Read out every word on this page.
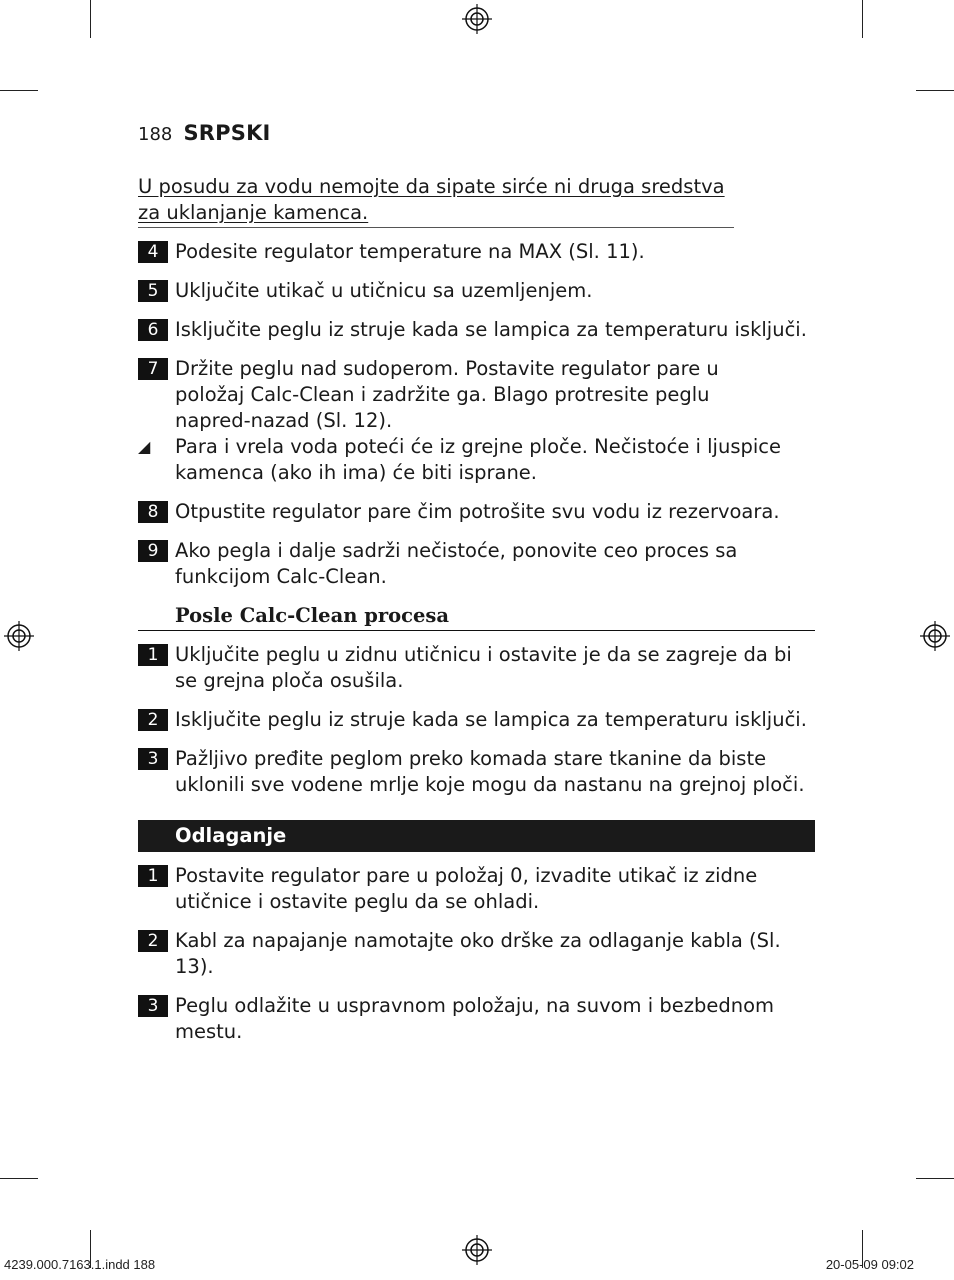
188 SRPSKI
U posudu za vodu nemojte da sipate sirće ni druga sredstva za uklanjanje kamenca.
4 Podesite regulator temperature na MAX (Sl. 11).
5 Uključite utikač u utičnicu sa uzemljenjem.
6 Isključite peglu iz struje kada se lampica za temperaturu isključi.
7 Držite peglu nad sudoperom. Postavite regulator pare u položaj Calc-Clean i zadržite ga. Blago protresite peglu napred-nazad (Sl. 12).
◢ Para i vrela voda poteći će iz grejne ploče. Nečistoće i ljuspice kamenca (ako ih ima) će biti isprane.
8 Otpustite regulator pare čim potrošite svu vodu iz rezervoara.
9 Ako pegla i dalje sadrži nečistoće, ponovite ceo proces sa funkcijom Calc-Clean.
Posle Calc-Clean procesa
1 Uključite peglu u zidnu utičnicu i ostavite je da se zagreje da bi se grejna ploča osušila.
2 Isključite peglu iz struje kada se lampica za temperaturu isključi.
3 Pažljivo pređite peglom preko komada stare tkanine da biste uklonili sve vodene mrlje koje mogu da nastanu na grejnoj ploči.
Odlaganje
1 Postavite regulator pare u položaj 0, izvadite utikač iz zidne utičnice i ostavite peglu da se ohladi.
2 Kabl za napajanje namotajte oko drške za odlaganje kabla (Sl. 13).
3 Peglu odlažite u uspravnom položaju, na suvom i bezbednom mestu.
4239.000.7163.1.indd 188	20-05-09 09:02
